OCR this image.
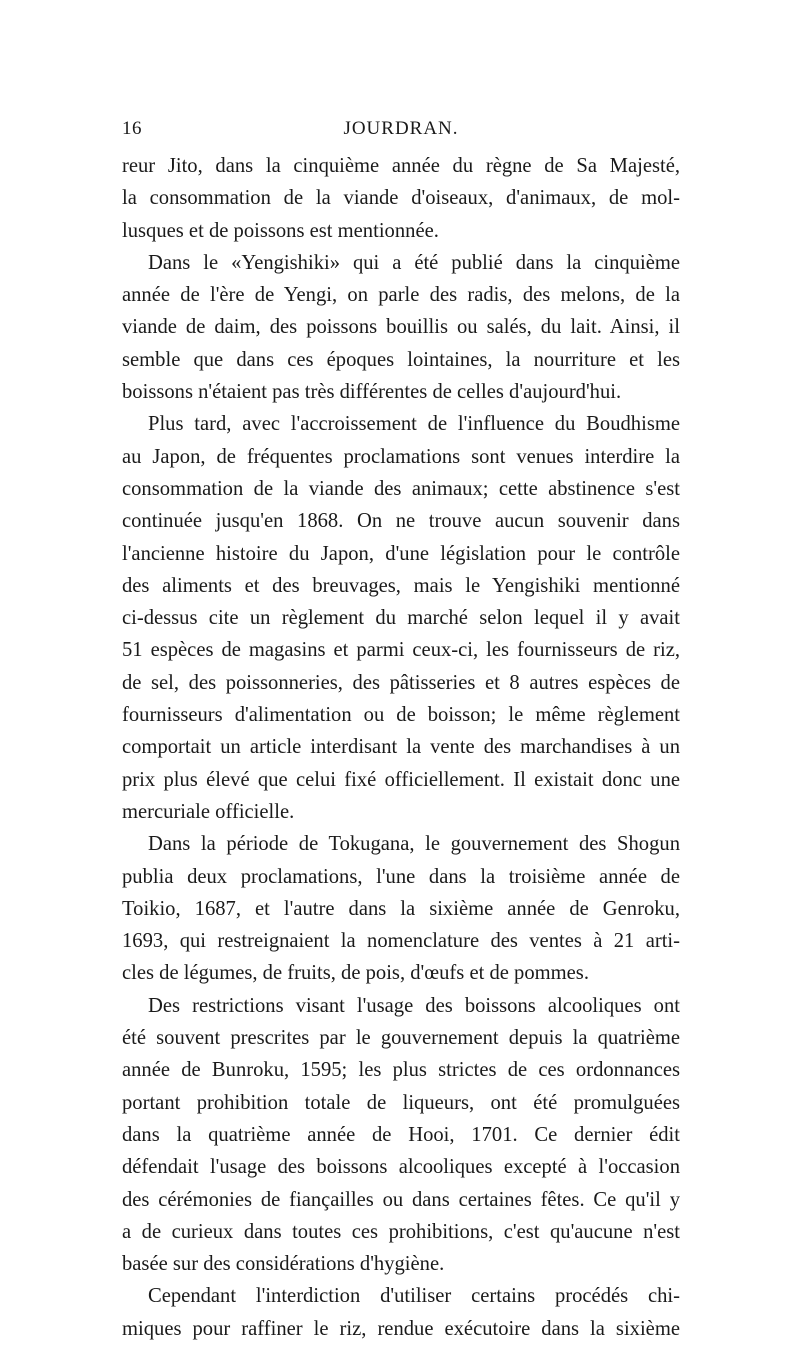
16	JOURDRAN.
reur Jito, dans la cinquième année du règne de Sa Majesté,
la consommation de la viande d'oiseaux, d'animaux, de mol-
lusques et de poissons est mentionnée.
Dans le «Yengishiki» qui a été publié dans la cinquième
année de l'ère de Yengi, on parle des radis, des melons, de la
viande de daim, des poissons bouillis ou salés, du lait. Ainsi, il
semble que dans ces époques lointaines, la nourriture et les
boissons n'étaient pas très différentes de celles d'aujourd'hui.
Plus tard, avec l'accroissement de l'influence du Boudhisme
au Japon, de fréquentes proclamations sont venues interdire la
consommation de la viande des animaux; cette abstinence s'est
continuée jusqu'en 1868. On ne trouve aucun souvenir dans
l'ancienne histoire du Japon, d'une législation pour le contrôle
des aliments et des breuvages, mais le Yengishiki mentionné
ci-dessus cite un règlement du marché selon lequel il y avait
51 espèces de magasins et parmi ceux-ci, les fournisseurs de riz,
de sel, des poissonneries, des pâtisseries et 8 autres espèces de
fournisseurs d'alimentation ou de boisson; le même règlement
comportait un article interdisant la vente des marchandises à un
prix plus élevé que celui fixé officiellement. Il existait donc une
mercuriale officielle.
Dans la période de Tokugana, le gouvernement des Shogun
publia deux proclamations, l'une dans la troisième année de
Toikio, 1687, et l'autre dans la sixième année de Genroku,
1693, qui restreignaient la nomenclature des ventes à 21 arti-
cles de légumes, de fruits, de pois, d'œufs et de pommes.
Des restrictions visant l'usage des boissons alcooliques ont
été souvent prescrites par le gouvernement depuis la quatrième
année de Bunroku, 1595; les plus strictes de ces ordonnances
portant prohibition totale de liqueurs, ont été promulguées
dans la quatrième année de Hooi, 1701. Ce dernier édit
défendait l'usage des boissons alcooliques excepté à l'occasion
des cérémonies de fiançailles ou dans certaines fêtes. Ce qu'il y
a de curieux dans toutes ces prohibitions, c'est qu'aucune n'est
basée sur des considérations d'hygiène.
Cependant l'interdiction d'utiliser certains procédés chi-
miques pour raffiner le riz, rendue exécutoire dans la sixième
